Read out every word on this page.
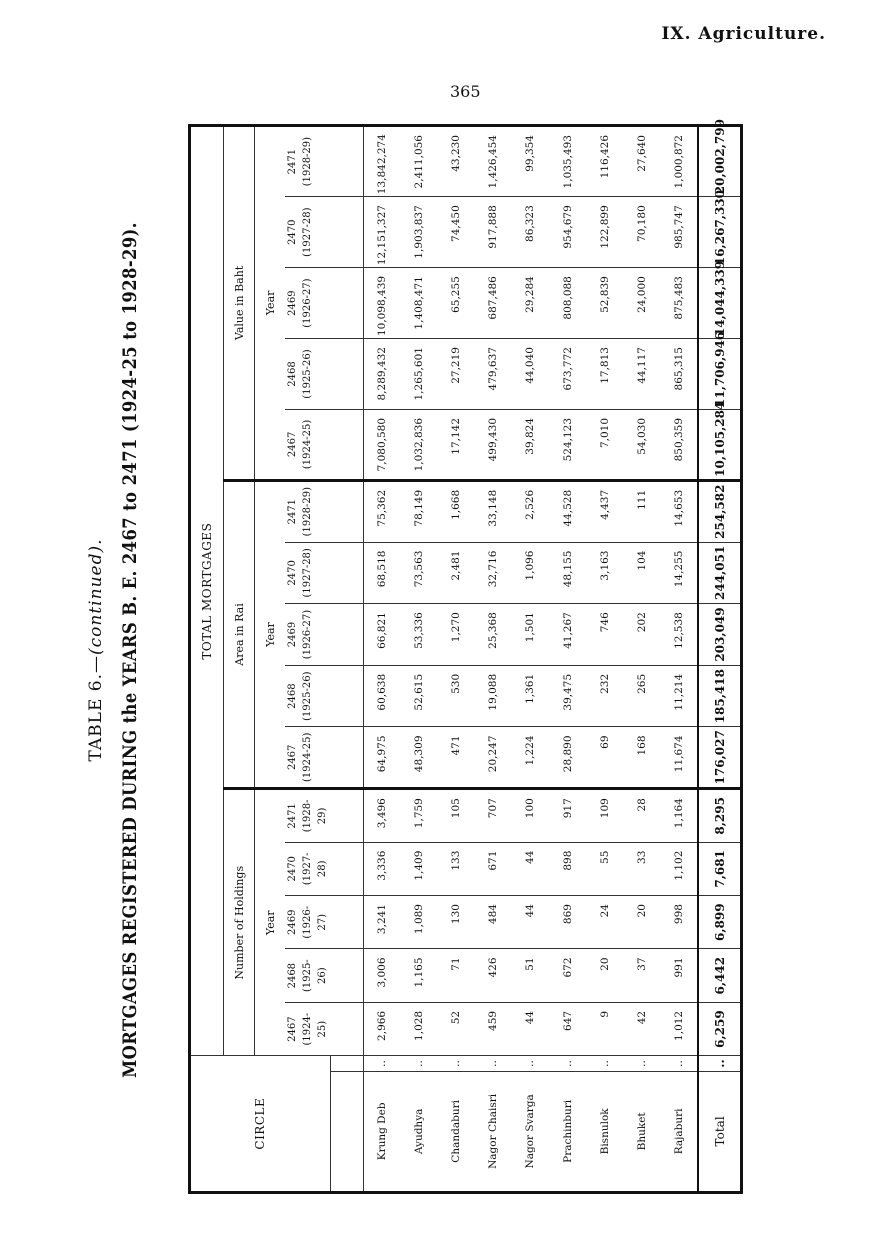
IX. Agriculture.
365
TABLE 6.—(continued). MORTGAGES REGISTERED DURING the YEARS B. E. 2467 to 2471 (1924-25 to 1928-29).
CIRCLE		TOTAL MORTGAGES														
		Number of Holdings					Area in Rai					Value in Baht				
		Year					Year					Year				

		2467 (1924-25)	2468 (1925-26)	2469 (1926-27)	2470 (1927-28)	2471 (1928-29)	2467 (1924-25)	2468 (1925-26)	2469 (1926-27)	2470 (1927-28)	2471 (1928-29)	2467 (1924-25)	2468 (1925-26)	2469 (1926-27)	2470 (1927-28)	2471 (1928-29)

Krung Deb	..	2,966	3,006	3,241	3,336	3,496	64,975	60,638	66,821	68,518	75,362	7,080,580	8,289,432	10,098,439	12,151,327	13,842,274
Ayudhya	..	1,028	1,165	1,089	1,409	1,759	48,309	52,615	53,336	73,563	78,149	1,032,836	1,265,601	1,408,471	1,903,837	2,411,056
Chandaburi	..	52	71	130	133	105	471	530	1,270	2,481	1,668	17,142	27,219	65,255	74,450	43,230
Nagor Chaisri	..	459	426	484	671	707	20,247	19,088	25,368	32,716	33,148	499,430	479,637	687,486	917,888	1,426,454
Nagor Svarga	..	44	51	44	44	100	1,224	1,361	1,501	1,096	2,526	39,824	44,040	29,284	86,323	99,354
Prachinburi	..	647	672	869	898	917	28,890	39,475	41,267	48,155	44,528	524,123	673,772	808,088	954,679	1,035,493
Bisnulok	..	9	20	24	55	109	69	232	746	3,163	4,437	7,010	17,813	52,839	122,899	116,426
Bhuket	..	42	37	20	33	28	168	265	202	104	111	54,030	44,117	24,000	70,180	27,640
Rajaburi	..	1,012	991	998	1,102	1,164	11,674	11,214	12,538	14,255	14,653	850,359	865,315	875,483	985,747	1,000,872
Total	..	6,259	6,442	6,899	7,681	8,295	176,027	185,418	203,049	244,051	254,582	10,105,284	11,706,946	14,044,339	16,267,330	20,002,799
